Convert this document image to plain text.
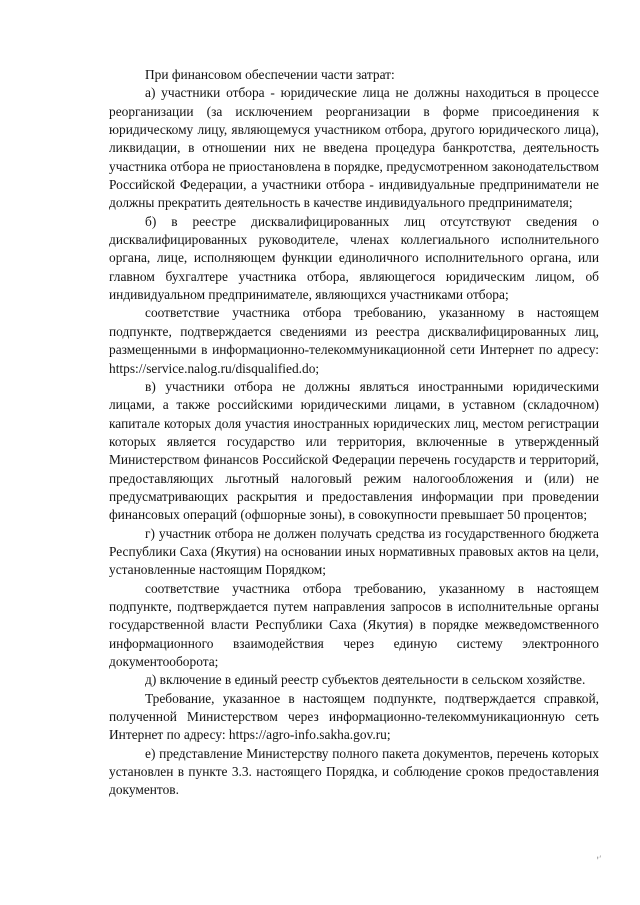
При финансовом обеспечении части затрат:

а) участники отбора - юридические лица не должны находиться в процессе реорганизации (за исключением реорганизации в форме присоединения к юридическому лицу, являющемуся участником отбора, другого юридического лица), ликвидации, в отношении них не введена процедура банкротства, деятельность участника отбора не приостановлена в порядке, предусмотренном законодательством Российской Федерации, а участники отбора - индивидуальные предприниматели не должны прекратить деятельность в качестве индивидуального предпринимателя;

б) в реестре дисквалифицированных лиц отсутствуют сведения о дисквалифицированных руководителе, членах коллегиального исполнительного органа, лице, исполняющем функции единоличного исполнительного органа, или главном бухгалтере участника отбора, являющегося юридическим лицом, об индивидуальном предпринимателе, являющихся участниками отбора;

соответствие участника отбора требованию, указанному в настоящем подпункте, подтверждается сведениями из реестра дисквалифицированных лиц, размещенными в информационно-телекоммуникационной сети Интернет по адресу: https://service.nalog.ru/disqualified.do;

в) участники отбора не должны являться иностранными юридическими лицами, а также российскими юридическими лицами, в уставном (складочном) капитале которых доля участия иностранных юридических лиц, местом регистрации которых является государство или территория, включенные в утвержденный Министерством финансов Российской Федерации перечень государств и территорий, предоставляющих льготный налоговый режим налогообложения и (или) не предусматривающих раскрытия и предоставления информации при проведении финансовых операций (офшорные зоны), в совокупности превышает 50 процентов;

г) участник отбора не должен получать средства из государственного бюджета Республики Саха (Якутия) на основании иных нормативных правовых актов на цели, установленные настоящим Порядком;

соответствие участника отбора требованию, указанному в настоящем подпункте, подтверждается путем направления запросов в исполнительные органы государственной власти Республики Саха (Якутия) в порядке межведомственного информационного взаимодействия через единую систему электронного документооборота;

д) включение в единый реестр субъектов деятельности в сельском хозяйстве.

Требование, указанное в настоящем подпункте, подтверждается справкой, полученной Министерством через информационно-телекоммуникационную сеть Интернет по адресу: https://agro-info.sakha.gov.ru;

е) представление Министерству полного пакета документов, перечень которых установлен в пункте 3.3. настоящего Порядка, и соблюдение сроков предоставления документов.

’′
